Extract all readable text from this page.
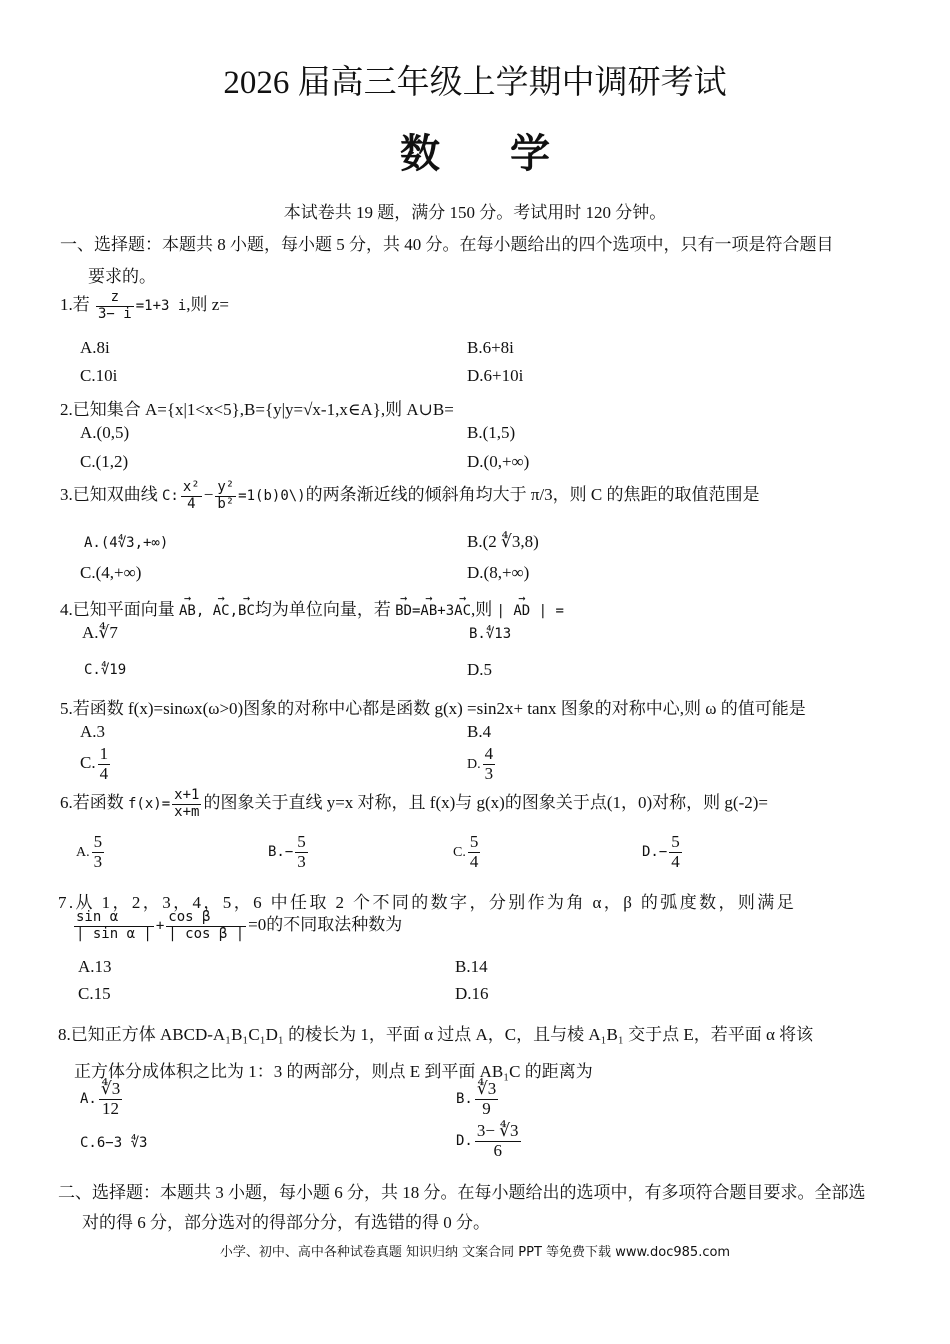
2026 届高三年级上学期中调研考试
数学
本试卷共 19 题，满分 150 分。考试用时 120 分钟。
一、选择题：本题共 8 小题，每小题 5 分，共 40 分。在每小题给出的四个选项中，只有一项是符合题目
要求的。
1.若 $\frac{z}{3- i} =1+3$ i,则 z=
A.8i	B.6+8i
C.10i	D.6+10i
2.已知集合 A={x|1<x<5},B={y|y=√x-1,x∈A},则 A∪B=
A.(0,5)	B.(1,5)
C.(1,2)	D.(0,+∞)
3.已知双曲线 C: $\frac{\text{x²}}{4} - \frac{\text{y²}}{\text{b²}}$ =1(b)0\)的两条渐近线的倾斜角均大于 π/3，则 C 的焦距的取值范围是
A.(4∜3,+∞)	B.(2 ∜3,8)
C.(4,+∞)	D.(8,+∞)
4.已知平面向量 → AB, → AC,→ BC均为单位向量，若 → BD=→ AB+3→ AC,则 | → AD | =
A.∜7	B.∜13
C.∜19	D.5
5.若函数 f(x)=sinωx(ω>0)图象的对称中心都是函数 g(x) =sin2x+ tanx 图象的对称中心,则 ω 的值可能是
A.3	B.4
C. $\frac{1}{4}$	D. $\frac{4}{3}$
6.若函数 $f(x)= \frac{x+1}{x+m}$ 的图象关于直线 y=x 对称，且 f(x)与 g(x)的图象关于点(1，0)对称，则 g(-2)=
A. $\frac{5}{3}$	$B.- \frac{5}{3}$	C. $\frac{5}{4}$	$D.- \frac{5}{4}$
7.从 1，2，3，4，5，6 中任取 2 个不同的数字，分别作为角 α，β 的弧度数，则满足
$\frac{\text{sin α}}{\text{| sin α |}} + \frac{\text{cos β}}{\text{| cos β |}} =0$的不同取法种数为
A.13	B.14
C.15	D.16
8.已知正方体 ABCD-A₁B₁C₁D₁ 的棱长为 1，平面 α 过点 A，C，且与棱 A₁B₁ 交于点 E，若平面 α 将该
正方体分成体积之比为 1：3 的两部分，则点 E 到平面 AB₁C 的距离为
A. $\frac{∜3}{12}$	B. $\frac{∜3}{9}$
C.6−3 ∜3	D. $\frac{3- ∜3}{6}$
二、选择题：本题共 3 小题，每小题 6 分，共 18 分。在每小题给出的选项中，有多项符合题目要求。全部选
对的得 6 分，部分选对的得部分分，有选错的得 0 分。
小学、初中、高中各种试卷真题 知识归纳 文案合同 PPT 等免费下载 www.doc985.com
